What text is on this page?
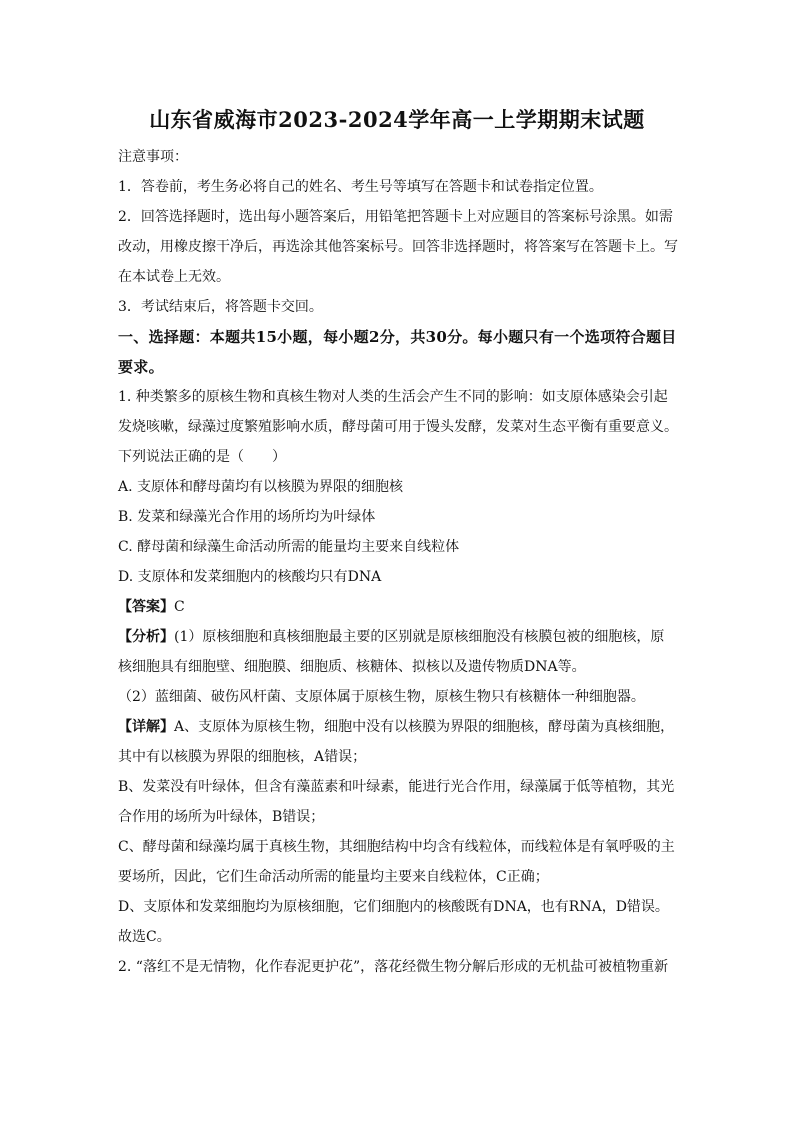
山东省威海市2023-2024学年高一上学期期末试题

注意事项：

1．答卷前，考生务必将自己的姓名、考生号等填写在答题卡和试卷指定位置。

2．回答选择题时，选出每小题答案后，用铅笔把答题卡上对应题目的答案标号涂黑。如需改动，用橡皮擦干净后，再选涂其他答案标号。回答非选择题时，将答案写在答题卡上。写在本试卷上无效。

3．考试结束后，将答题卡交回。

一、选择题：本题共15小题，每小题2分，共30分。每小题只有一个选项符合题目要求。

1. 种类繁多的原核生物和真核生物对人类的生活会产生不同的影响：如支原体感染会引起发烧咳嗽，绿藻过度繁殖影响水质，酵母菌可用于馒头发酵，发菜对生态平衡有重要意义。下列说法正确的是（　　）

A. 支原体和酵母菌均有以核膜为界限的细胞核

B. 发菜和绿藻光合作用的场所均为叶绿体

C. 酵母菌和绿藻生命活动所需的能量均主要来自线粒体

D. 支原体和发菜细胞内的核酸均只有DNA

【答案】C

【分析】(1）原核细胞和真核细胞最主要的区别就是原核细胞没有核膜包被的细胞核，原核细胞具有细胞壁、细胞膜、细胞质、核糖体、拟核以及遗传物质DNA等。

（2）蓝细菌、破伤风杆菌、支原体属于原核生物，原核生物只有核糖体一种细胞器。

【详解】A、支原体为原核生物，细胞中没有以核膜为界限的细胞核，酵母菌为真核细胞，其中有以核膜为界限的细胞核，A错误；

B、发菜没有叶绿体，但含有藻蓝素和叶绿素，能进行光合作用，绿藻属于低等植物，其光合作用的场所为叶绿体，B错误；

C、酵母菌和绿藻均属于真核生物，其细胞结构中均含有线粒体，而线粒体是有氧呼吸的主要场所，因此，它们生命活动所需的能量均主要来自线粒体，C正确；

D、支原体和发菜细胞均为原核细胞，它们细胞内的核酸既有DNA，也有RNA，D错误。

故选C。

2. “落红不是无情物，化作春泥更护花”，落花经微生物分解后形成的无机盐可被植物重新
